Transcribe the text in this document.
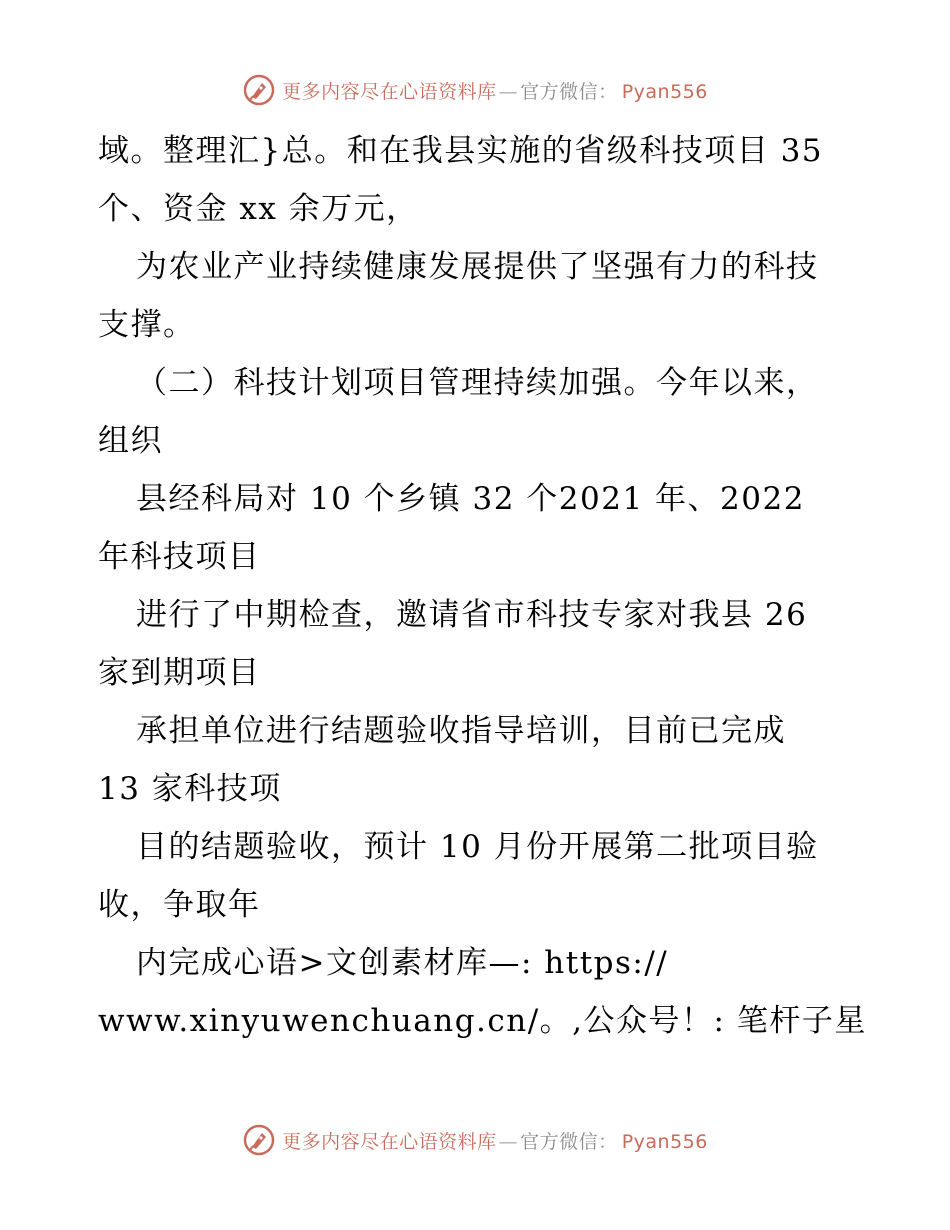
更多内容尽在心语资料库 — 官方微信： Pyan556
域。整理汇}总。和在我县实施的省级科技项目 35
个、资金 xx 余万元，
为农业产业持续健康发展提供了坚强有力的科技
支撑。
（二）科技计划项目管理持续加强。今年以来，
组织
县经科局对 10 个乡镇 32 个2021 年、2022
年科技项目
进行了中期检查，邀请省市科技专家对我县 26
家到期项目
承担单位进行结题验收指导培训，目前已完成
13 家科技项
目的结题验收，预计 10 月份开展第二批项目验
收，争取年
内完成心语>文创素材库—: https://
www.xinyuwenchuang.cn/。,公众号！: 笔杆子星
更多内容尽在心语资料库 — 官方微信： Pyan556
